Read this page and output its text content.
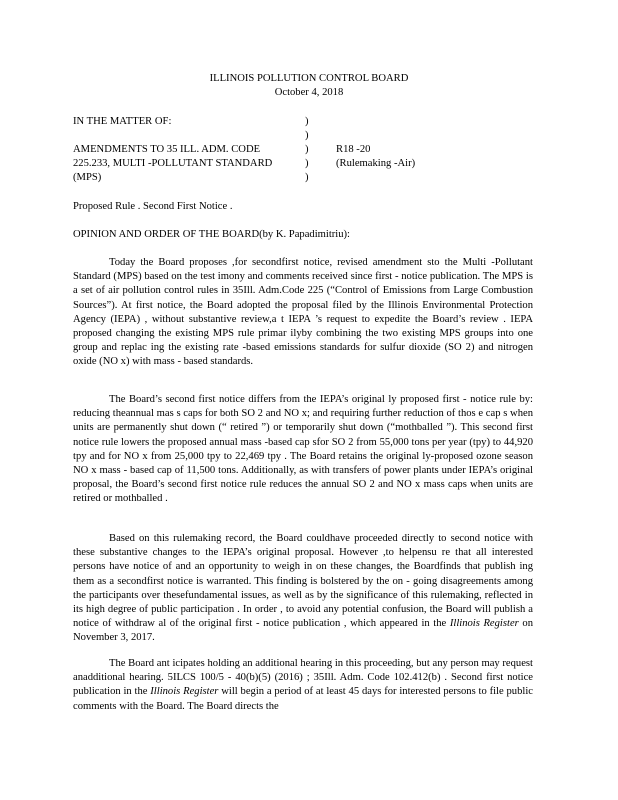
ILLINOIS POLLUTION CONTROL BOARD
October 4, 2018
IN THE MATTER OF:	)
)
)
)
)
AMENDMENTS TO 35 ILL. ADM. CODE
225.233, MULTI -POLLUTANT STANDARD
(MPS)
R18 -20
(Rulemaking -Air)
Proposed Rule . Second First Notice .
OPINION AND ORDER OF THE BOARD(by K. Papadimitriu):

Today the Board proposes ,for secondfirst notice, revised amendment sto the Multi -Pollutant Standard (MPS) based on the test imony and comments received since first - notice publication. The MPS is a set of air pollution control rules in 35Ill. Adm.Code 225 (“Control of Emissions from Large Combustion Sources”). At first notice, the Board adopted the proposal filed by the Illinois Environmental Protection Agency (IEPA) , without substantive review,a t IEPA ’s request to expedite the Board’s review . IEPA proposed changing the existing MPS rule primar ilyby combining the two existing MPS groups into one group and replac ing the existing rate -based emissions standards for sulfur dioxide (SO 2) and nitrogen oxide (NO x) with mass - based standards.

The Board’s second first notice differs from the IEPA’s original ly proposed first - notice rule by: reducing theannual mas s caps for both SO 2 and NO x; and requiring further reduction of thos e cap s when units are permanently shut down (“ retired ”) or temporarily shut down (“mothballed ”). This second first notice rule lowers the proposed annual mass -based cap sfor SO 2 from 55,000 tons per year (tpy) to 44,920 tpy and for NO x from 25,000 tpy to 22,469 tpy . The Board retains the original ly-proposed ozone season NO x mass - based cap of 11,500 tons. Additionally, as with transfers of power plants under IEPA’s original proposal, the Board’s second first notice rule reduces the annual SO 2 and NO x mass caps when units are retired or mothballed .

Based on this rulemaking record, the Board couldhave proceeded directly to second notice with these substantive changes to the IEPA’s original proposal. However ,to helpensu re that all interested persons have notice of and an opportunity to weigh in on these changes, the Boardfinds that publish ing them as a secondfirst notice is warranted. This finding is bolstered by the on - going disagreements among the participants over thesefundamental issues, as well as by the significance of this rulemaking, reflected in its high degree of public participation . In order , to avoid any potential confusion, the Board will publish a notice of withdraw al of the original first - notice publication , which appeared in the Illinois Register on November 3, 2017.

The Board ant icipates holding an additional hearing in this proceeding, but any person may request anadditional hearing. 5ILCS 100/5 - 40(b)(5) (2016) ; 35Ill. Adm. Code 102.412(b) . Second first notice publication in the Illinois Register will begin a period of at least 45 days for interested persons to file public comments with the Board. The Board directs the
